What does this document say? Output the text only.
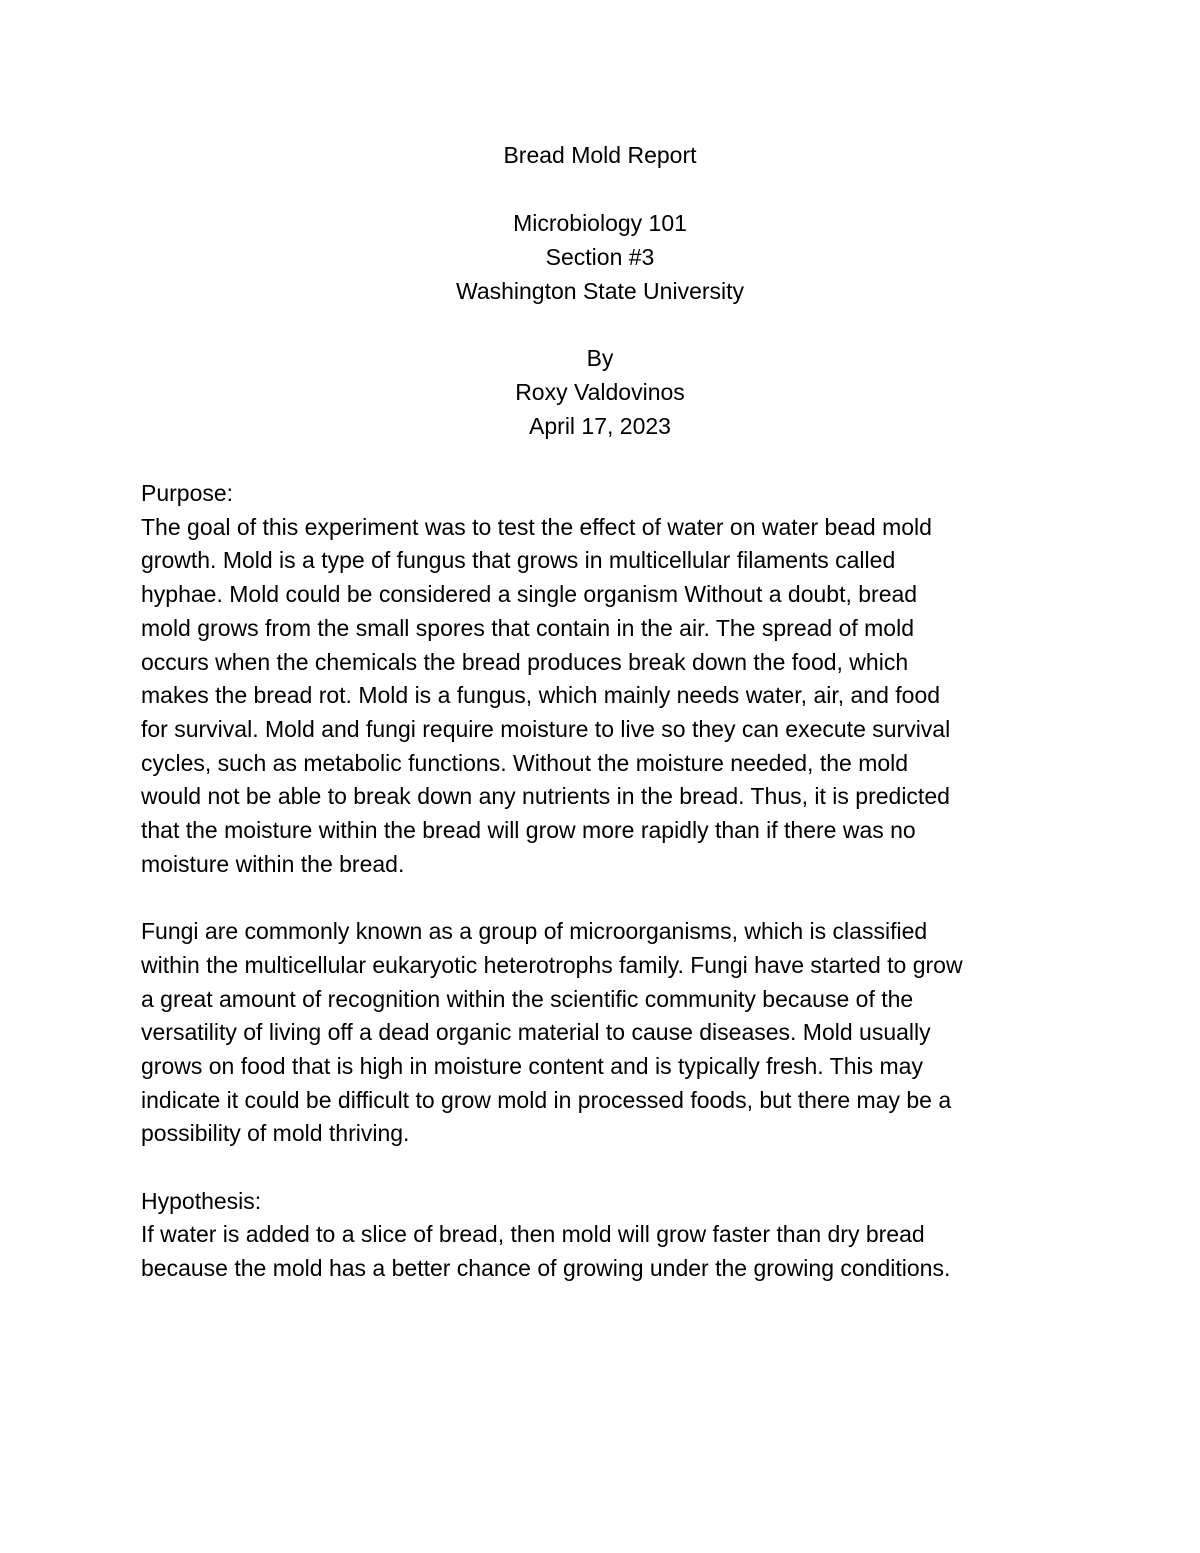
Bread Mold Report
Microbiology 101
Section #3
Washington State University
By
Roxy Valdovinos
April 17, 2023
Purpose:
The goal of this experiment was to test the effect of water on water bead mold
growth. Mold is a type of fungus that grows in multicellular filaments called
hyphae. Mold could be considered a single organism Without a doubt, bread
mold grows from the small spores that contain in the air. The spread of mold
occurs when the chemicals the bread produces break down the food, which
makes the bread rot. Mold is a fungus, which mainly needs water, air, and food
for survival. Mold and fungi require moisture to live so they can execute survival
cycles, such as metabolic functions. Without the moisture needed, the mold
would not be able to break down any nutrients in the bread. Thus, it is predicted
that the moisture within the bread will grow more rapidly than if there was no
moisture within the bread.
Fungi are commonly known as a group of microorganisms, which is classified
within the multicellular eukaryotic heterotrophs family. Fungi have started to grow
a great amount of recognition within the scientific community because of the
versatility of living off a dead organic material to cause diseases. Mold usually
grows on food that is high in moisture content and is typically fresh. This may
indicate it could be difficult to grow mold in processed foods, but there may be a
possibility of mold thriving.
Hypothesis:
If water is added to a slice of bread, then mold will grow faster than dry bread
because the mold has a better chance of growing under the growing conditions.
